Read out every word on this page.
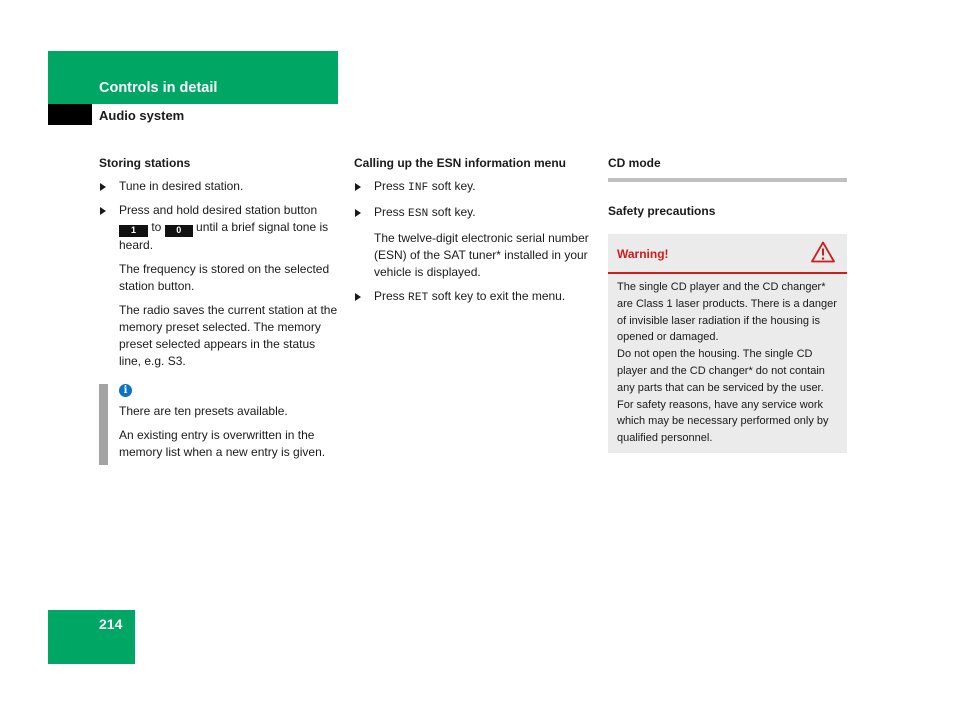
Controls in detail
Audio system
Storing stations
Tune in desired station.
Press and hold desired station button 1 to 0
␣
until a brief signal tone is heard.
The frequency is stored on the selected station button.
The radio saves the current station at the memory preset selected. The memory preset selected appears in the status line, e.g. S3.
i
There are ten presets available.
An existing entry is overwritten in the memory list when a new entry is given.
Calling up the ESN information menu
Press INF soft key.
Press ESN soft key.
The twelve-digit electronic serial number (ESN) of the SAT tuner* installed in your vehicle is displayed.
Press RET soft key to exit the menu.
CD mode
Safety precautions
Warning!
The single CD player and the CD changer* are Class 1 laser products. There is a danger of invisible laser radiation if the housing is opened or damaged.
Do not open the housing. The single CD player and the CD changer* do not contain any parts that can be serviced by the user. For safety reasons, have any service work which may be necessary performed only by qualified personnel.
214
